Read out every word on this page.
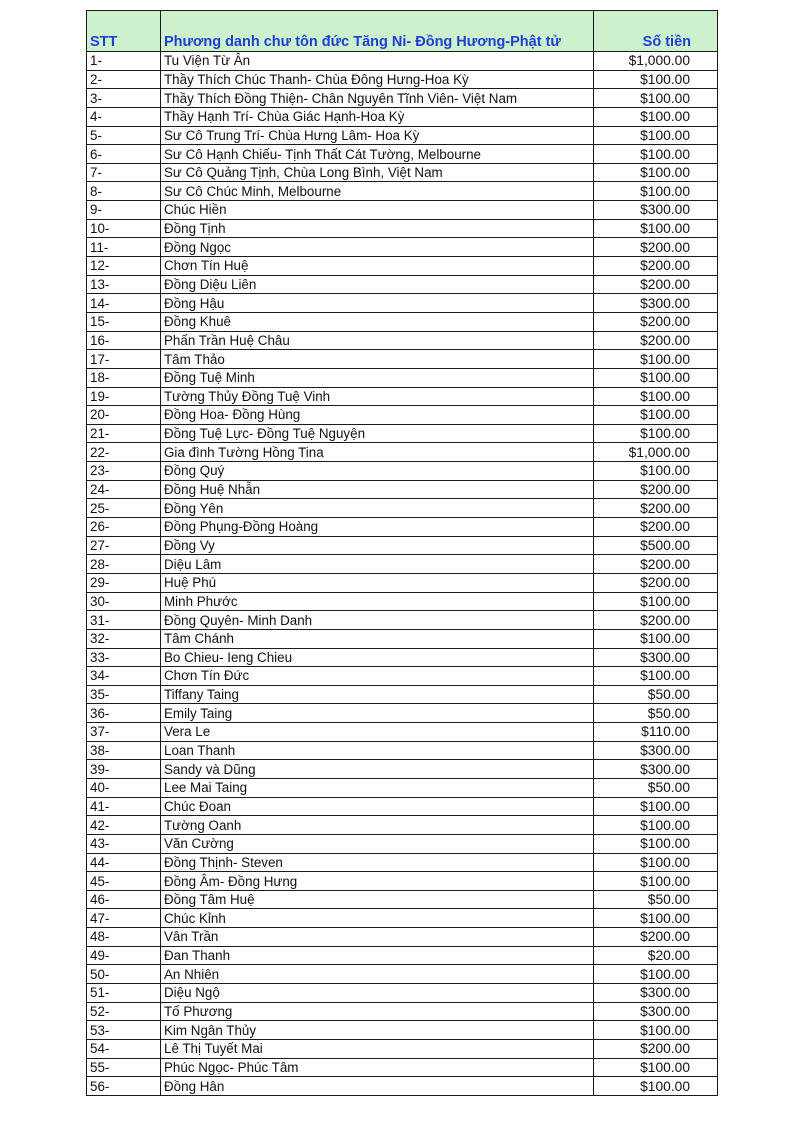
STT	Phương danh chư tôn đức Tăng Ni- Đồng Hương-Phật tử	Số tiền
1-	Tu Viện Từ Ân	$1,000.00
2-	Thầy Thích Chúc Thanh- Chùa Đông Hưng-Hoa Kỳ	$100.00
3-	Thầy Thích Đồng Thiện- Chân Nguyên Tĩnh Viên- Việt Nam	$100.00
4-	Thầy Hạnh Trí- Chùa Giác Hạnh-Hoa Kỳ	$100.00
5-	Sư Cô Trung Trí- Chùa Hưng Lâm- Hoa Kỳ	$100.00
6-	Sư Cô Hạnh Chiếu- Tịnh Thất Cát Tường, Melbourne	$100.00
7-	Sư Cô Quảng Tịnh, Chùa Long Bình, Việt Nam	$100.00
8-	Sư Cô Chúc Minh, Melbourne	$100.00
9-	Chúc Hiền	$300.00
10-	Đồng Tịnh	$100.00
11-	Đồng Ngọc	$200.00
12-	Chơn Tín Huệ	$200.00
13-	Đồng Diệu Liên	$200.00
14-	Đồng Hậu	$300.00
15-	Đồng Khuê	$200.00
16-	Phấn Trần Huệ Châu	$200.00
17-	Tâm Thảo	$100.00
18-	Đồng Tuệ Minh	$100.00
19-	Tường Thủy Đồng Tuệ Vinh	$100.00
20-	Đồng Hoa- Đồng Hùng	$100.00
21-	Đồng Tuệ Lực- Đồng Tuệ Nguyện	$100.00
22-	Gia đình Tường Hồng Tina	$1,000.00
23-	Đồng Quý	$100.00
24-	Đồng Huệ Nhẫn	$200.00
25-	Đồng Yên	$200.00
26-	Đồng Phụng-Đồng Hoàng	$200.00
27-	Đồng Vy	$500.00
28-	Diệu Lâm	$200.00
29-	Huệ Phú	$200.00
30-	Minh Phước	$100.00
31-	Đồng Quyên- Minh Danh	$200.00
32-	Tâm Chánh	$100.00
33-	Bo Chieu- Ieng Chieu	$300.00
34-	Chơn Tín Đức	$100.00
35-	Tiffany Taing	$50.00
36-	Emily Taing	$50.00
37-	Vera Le	$110.00
38-	Loan Thanh	$300.00
39-	Sandy và Dũng	$300.00
40-	Lee Mai Taing	$50.00
41-	Chúc Đoan	$100.00
42-	Tường Oanh	$100.00
43-	Văn Cường	$100.00
44-	Đồng Thịnh- Steven	$100.00
45-	Đồng Âm- Đồng Hưng	$100.00
46-	Đồng Tâm Huệ	$50.00
47-	Chúc Kỉnh	$100.00
48-	Vân Trần	$200.00
49-	Đan Thanh	$20.00
50-	An Nhiên	$100.00
51-	Diệu Ngộ	$300.00
52-	Tố Phương	$300.00
53-	Kim Ngân Thủy	$100.00
54-	Lê Thị Tuyết Mai	$200.00
55-	Phúc Ngọc- Phúc Tâm	$100.00
56-	Đồng Hân	$100.00
